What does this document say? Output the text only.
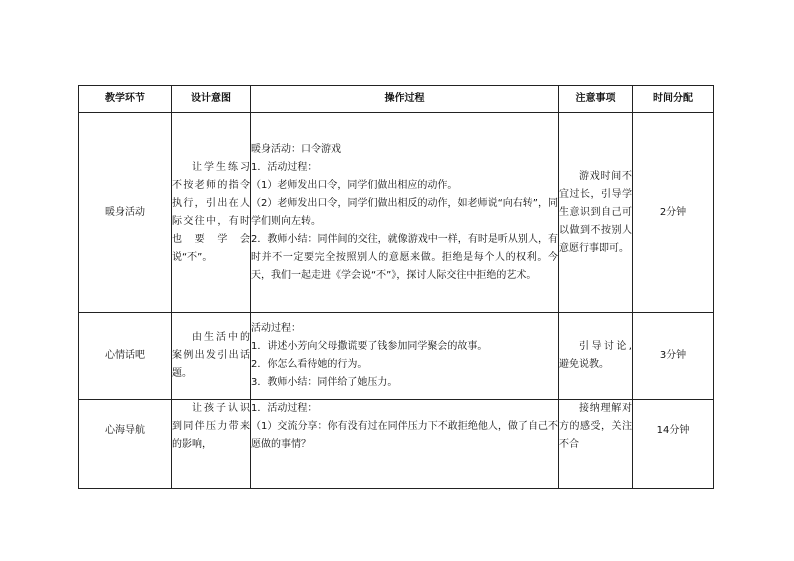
教学环节	设计意图	操作过程	注意事项	时间分配
暖身活动	让学生练习不按老师的指令执行，引出在人际交往中，有时也要学会说“不”。	暖身活动：口令游戏
1．活动过程：
（1）老师发出口令，同学们做出相应的动作。
（2）老师发出口令，同学们做出相反的动作，如老师说“向右转”，同学们则向左转。
2．教师小结：同伴间的交往，就像游戏中一样，有时是听从别人，有时并不一定要完全按照别人的意愿来做。拒绝是每个人的权利。今天，我们一起走进《学会说“不”》，探讨人际交往中拒绝的艺术。	游戏时间不宜过长，引导学生意识到自己可以做到不按别人意愿行事即可。	2分钟
心情话吧	由生活中的案例出发引出话题。	活动过程：
1．讲述小芳向父母撒谎要了钱参加同学聚会的故事。
2．你怎么看待她的行为。
3．教师小结：同伴给了她压力。	引导讨论,避免说教。	3分钟
心海导航	让孩子认识到同伴压力带来的影响，	1．活动过程：
（1）交流分享：你有没有过在同伴压力下不敢拒绝他人，做了自己不愿做的事情？	接纳理解对方的感受，关注不合	14分钟
